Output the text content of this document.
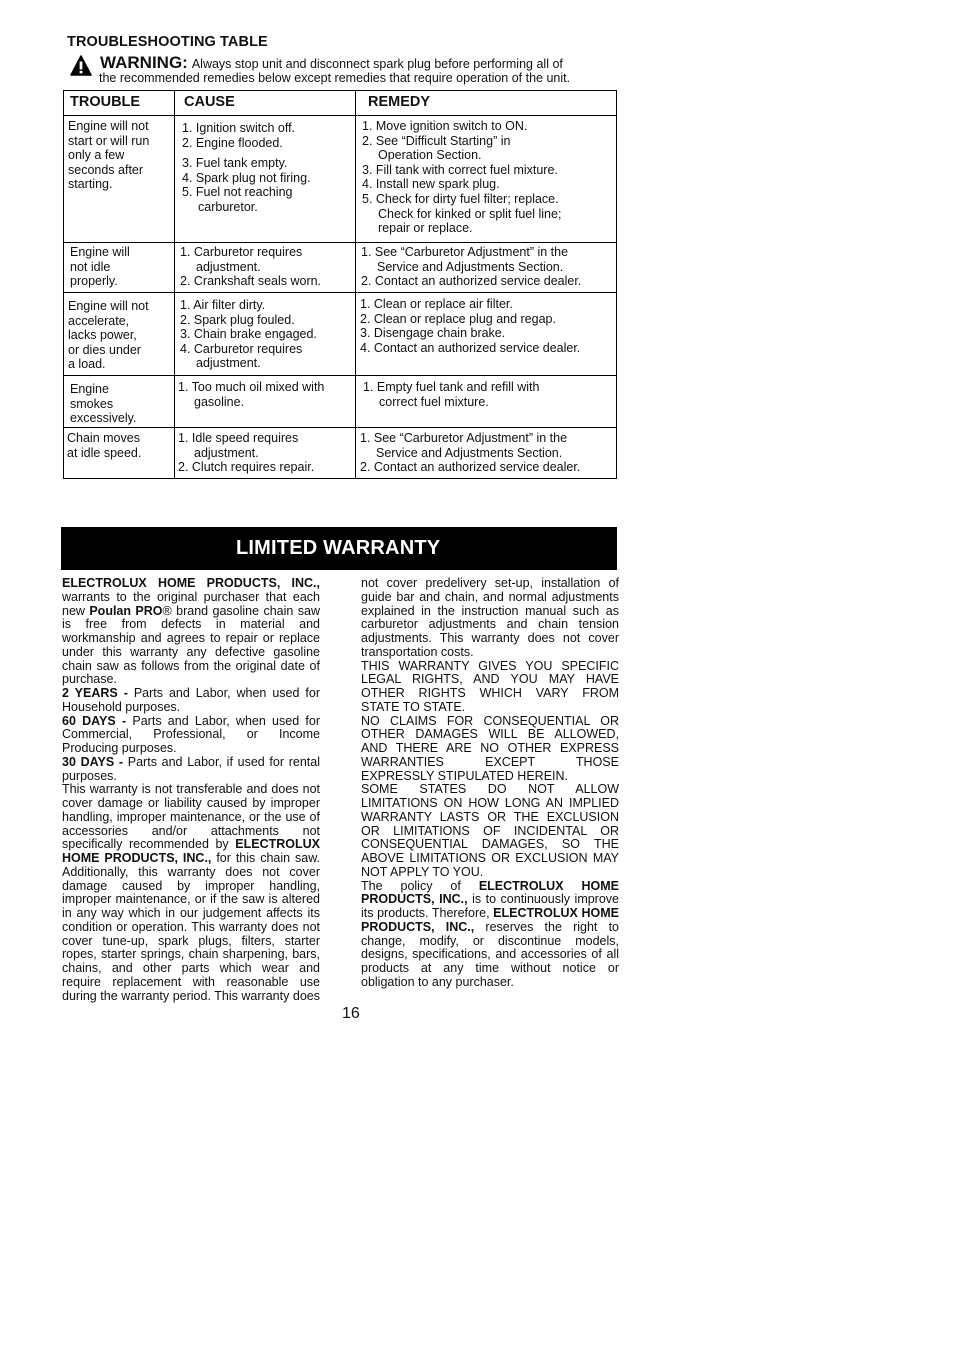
TROUBLESHOOTING TABLE
WARNING: Always stop unit and disconnect spark plug before performing all of
the recommended remedies below except remedies that require operation of the unit.
TROUBLE	CAUSE	REMEDY
Engine will not
start or will run
only a few
seconds after
starting.
1. Ignition switch off.
2. Engine flooded.
3. Fuel tank empty.
4. Spark plug not firing.
5. Fuel not reaching
carburetor.
1. Move ignition switch to ON.
2. See “Difficult Starting” in
Operation Section.
3. Fill tank with correct fuel mixture.
4. Install new spark plug.
5. Check for dirty fuel filter; replace.
Check for kinked or split fuel line;
repair or replace.
Engine will
not idle
properly.
1. Carburetor requires
adjustment.
2. Crankshaft seals worn.
1. See “Carburetor Adjustment” in the
Service and Adjustments Section.
2. Contact an authorized service dealer.
Engine will not
accelerate,
lacks power,
or dies under
a load.
1. Air filter dirty.
2. Spark plug fouled.
3. Chain brake engaged.
4. Carburetor requires
adjustment.
1. Clean or replace air filter.
2. Clean or replace plug and regap.
3. Disengage chain brake.
4. Contact an authorized service dealer.
Engine
smokes
excessively.
1. Too much oil mixed with
gasoline.
1. Empty fuel tank and refill with
correct fuel mixture.
Chain moves
at idle speed.
1. Idle speed requires
adjustment.
2. Clutch requires repair.
1. See “Carburetor Adjustment” in the
Service and Adjustments Section.
2. Contact an authorized service dealer.
LIMITED WARRANTY

ELECTROLUX HOME PRODUCTS, INC., warrants to the original purchaser that each new Poulan PRO® brand gasoline chain saw is free from defects in material and workmanship and agrees to repair or replace under this warranty any defective gasoline chain saw as follows from the original date of purchase.

2 YEARS - Parts and Labor, when used for Household purposes.

60 DAYS - Parts and Labor, when used for Commercial, Professional, or Income Producing purposes.

30 DAYS - Parts and Labor, if used for rental purposes.

This warranty is not transferable and does not cover damage or liability caused by improper handling, improper maintenance, or the use of accessories and/or attachments not specifically recommended by ELECTROLUX HOME PRODUCTS, INC., for this chain saw. Additionally, this warranty does not cover damage caused by improper handling, improper maintenance, or if the saw is altered in any way which in our judgement affects its condition or operation. This warranty does not cover tune-up, spark plugs, filters, starter ropes, starter springs, chain sharpening, bars, chains, and other parts which wear and require replacement with reasonable use during the warranty period. This warranty does

not cover predelivery set-up, installation of guide bar and chain, and normal adjustments explained in the instruction manual such as carburetor adjustments and chain tension adjustments. This warranty does not cover transportation costs.

THIS WARRANTY GIVES YOU SPECIFIC LEGAL RIGHTS, AND YOU MAY HAVE OTHER RIGHTS WHICH VARY FROM STATE TO STATE.

NO CLAIMS FOR CONSEQUENTIAL OR OTHER DAMAGES WILL BE ALLOWED, AND THERE ARE NO OTHER EXPRESS WARRANTIES EXCEPT THOSE EXPRESSLY STIPULATED HEREIN.

SOME STATES DO NOT ALLOW LIMITATIONS ON HOW LONG AN IMPLIED WARRANTY LASTS OR THE EXCLUSION OR LIMITATIONS OF INCIDENTAL OR CONSEQUENTIAL DAMAGES, SO THE ABOVE LIMITATIONS OR EXCLUSION MAY NOT APPLY TO YOU.

The policy of ELECTROLUX HOME PRODUCTS, INC., is to continuously improve its products. Therefore, ELECTROLUX HOME PRODUCTS, INC., reserves the right to change, modify, or discontinue models, designs, specifications, and accessories of all products at any time without notice or obligation to any purchaser.

16
